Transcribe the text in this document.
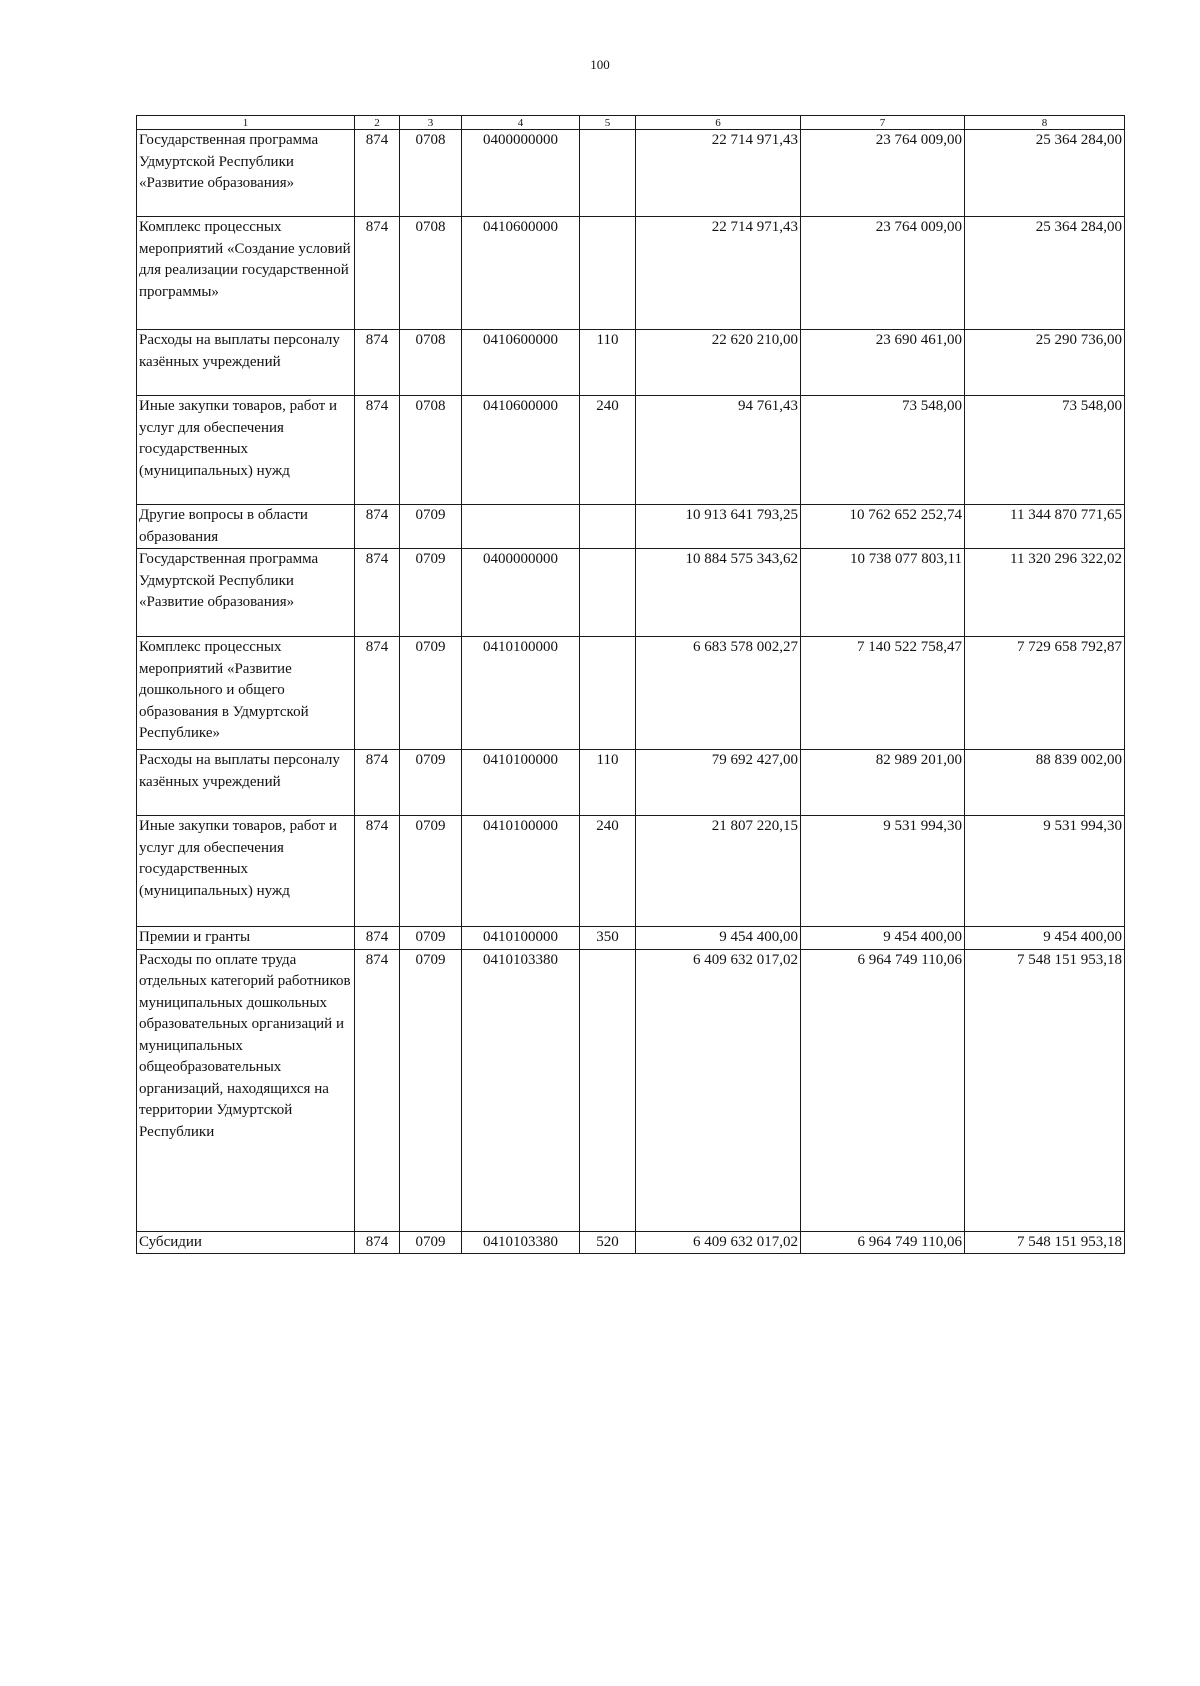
100
1	2	3	4	5	6	7	8
Государственная программа Удмуртской Республики «Развитие образования»	874	0708	0400000000		22 714 971,43	23 764 009,00	25 364 284,00
Комплекс процессных мероприятий «Создание условий для реализации государственной программы»	874	0708	0410600000		22 714 971,43	23 764 009,00	25 364 284,00
Расходы на выплаты персоналу казённых учреждений	874	0708	0410600000	110	22 620 210,00	23 690 461,00	25 290 736,00
Иные закупки товаров, работ и услуг для обеспечения государственных (муниципальных) нужд	874	0708	0410600000	240	94 761,43	73 548,00	73 548,00
Другие вопросы в области образования	874	0709			10 913 641 793,25	10 762 652 252,74	11 344 870 771,65
Государственная программа Удмуртской Республики «Развитие образования»	874	0709	0400000000		10 884 575 343,62	10 738 077 803,11	11 320 296 322,02
Комплекс процессных мероприятий «Развитие дошкольного и общего образования в Удмуртской Республике»	874	0709	0410100000		6 683 578 002,27	7 140 522 758,47	7 729 658 792,87
Расходы на выплаты персоналу казённых учреждений	874	0709	0410100000	110	79 692 427,00	82 989 201,00	88 839 002,00
Иные закупки товаров, работ и услуг для обеспечения государственных (муниципальных) нужд	874	0709	0410100000	240	21 807 220,15	9 531 994,30	9 531 994,30
Премии и гранты	874	0709	0410100000	350	9 454 400,00	9 454 400,00	9 454 400,00
Расходы по оплате труда отдельных категорий работников муниципальных дошкольных образовательных организаций и муниципальных общеобразовательных организаций, находящихся на территории Удмуртской Республики	874	0709	0410103380		6 409 632 017,02	6 964 749 110,06	7 548 151 953,18
Субсидии	874	0709	0410103380	520	6 409 632 017,02	6 964 749 110,06	7 548 151 953,18
